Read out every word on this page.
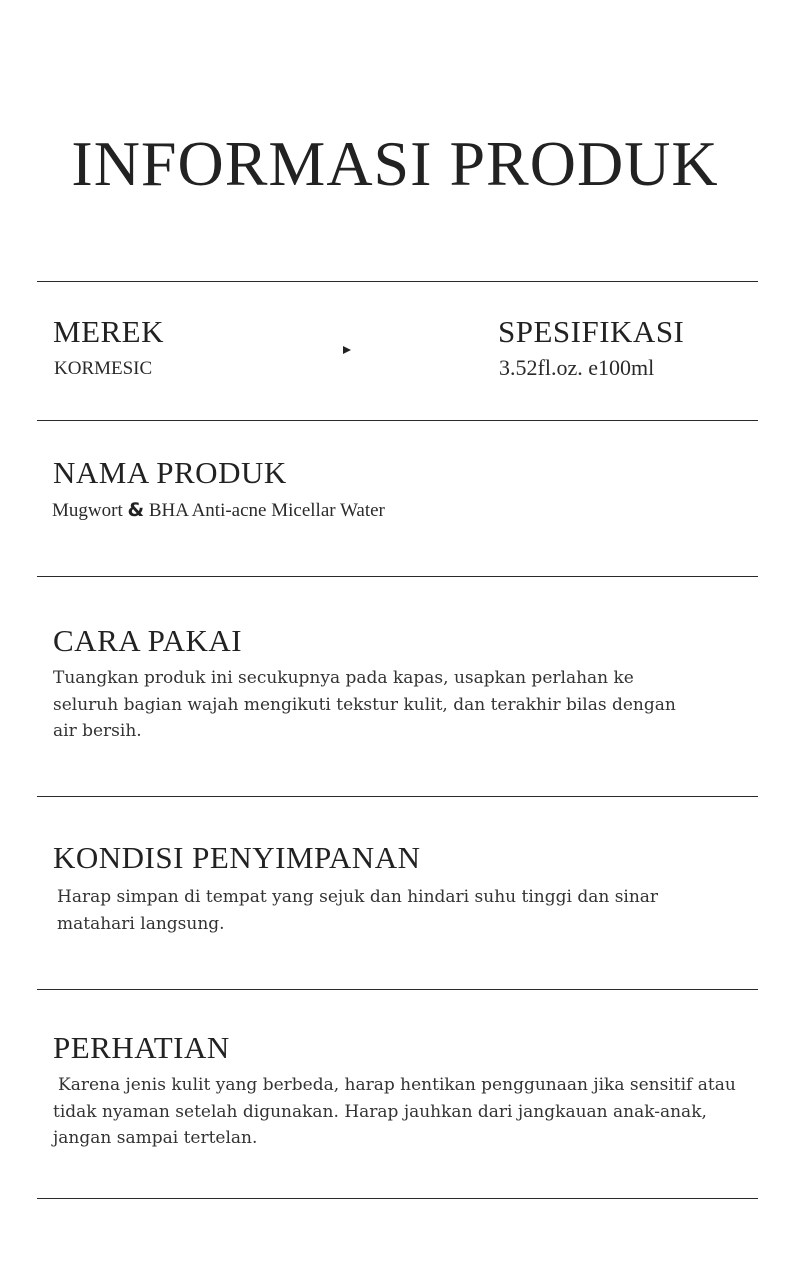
INFORMASI PRODUK
MEREK
KORMESIC
SPESIFIKASI
3.52fl.oz. e100ml
NAMA PRODUK
Mugwort & BHA Anti-acne Micellar Water
CARA PAKAI

Tuangkan produk ini secukupnya pada kapas, usapkan perlahan ke seluruh bagian wajah mengikuti tekstur kulit, dan terakhir bilas dengan air bersih.

KONDISI PENYIMPANAN

Harap simpan di tempat yang sejuk dan hindari suhu tinggi dan sinar matahari langsung.

PERHATIAN

Karena jenis kulit yang berbeda, harap hentikan penggunaan jika sensitif atau tidak nyaman setelah digunakan. Harap jauhkan dari jangkauan anak-anak, jangan sampai tertelan.
